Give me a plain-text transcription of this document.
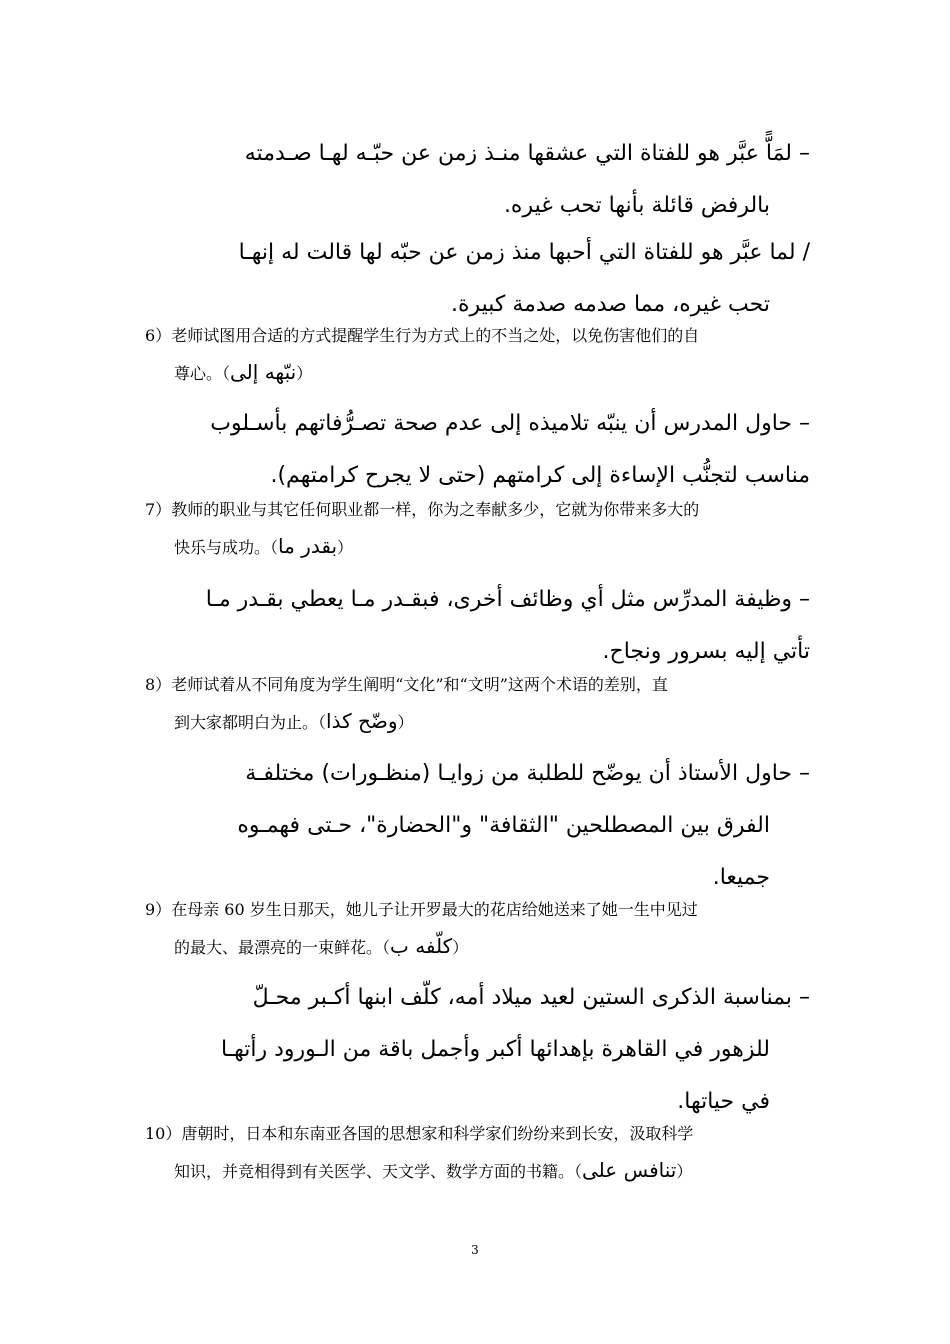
– لمَاًّ عبَّر هو للفتاة التي عشقها منـذ زمن عن حبّـه لهـا صـدمته
بالرفض قائلة بأنها تحب غيره.
/ لما عبَّر هو للفتاة التي أحبها منذ زمن عن حبّه لها قالت له إنهـا
تحب غيره، مما صدمه صدمة كبيرة.
6）老师试图用合适的方式提醒学生行为方式上的不当之处，以免伤害他们的自
尊心。（نبّهه إلى）
– حاول المدرس أن ينبّه تلاميذه إلى عدم صحة تصـرُّفاتهم بأسـلوب
مناسب لتجنُّب الإساءة إلى كرامتهم (حتى لا يجرح كرامتهم).
7）教师的职业与其它任何职业都一样，你为之奉献多少，它就为你带来多大的
快乐与成功。（بقدر ما）
– وظيفة المدرِّس مثل أي وظائف أخرى، فبقـدر مـا يعطي بقـدر مـا
تأتي إليه بسرور ونجاح.
8）老师试着从不同角度为学生阐明“文化”和“文明”这两个术语的差别，直
到大家都明白为止。（وضّح كذا）
– حاول الأستاذ أن يوضّح للطلبة من زوايـا (منظـورات) مختلفـة
الفرق بين المصطلحين "الثقافة" و"الحضارة"، حـتى فهمـوه
جميعا.
9）在母亲 60 岁生日那天，她儿子让开罗最大的花店给她送来了她一生中见过
的最大、最漂亮的一束鲜花。（كلّفه ب）
– بمناسبة الذكرى الستين لعيد ميلاد أمه، كلّف ابنها أكـبر محـلّ
للزهور في القاهرة بإهدائها أكبر وأجمل باقة من الـورود رأتهـا
في حياتها.
10）唐朝时，日本和东南亚各国的思想家和科学家们纷纷来到长安，汲取科学
知识，并竞相得到有关医学、天文学、数学方面的书籍。（تنافس على）
3
